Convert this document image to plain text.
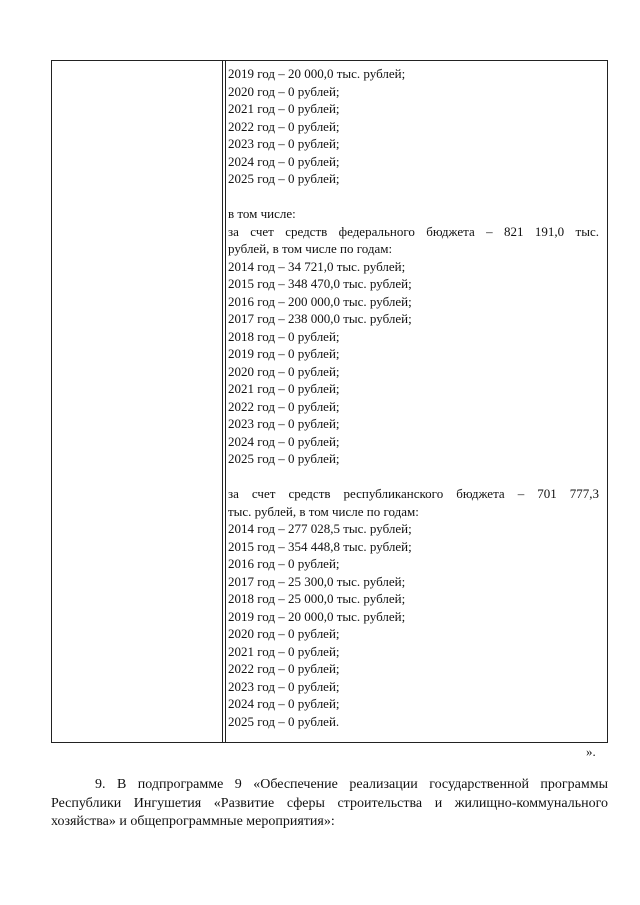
2019 год – 20 000,0 тыс. рублей;
2020 год – 0 рублей;
2021 год – 0 рублей;
2022 год – 0 рублей;
2023 год – 0 рублей;
2024 год – 0 рублей;
2025 год – 0 рублей;
в том числе:
за счет средств федерального бюджета – 821 191,0 тыс.
рублей, в том числе по годам:
2014 год – 34 721,0 тыс. рублей;
2015 год – 348 470,0 тыс. рублей;
2016 год – 200 000,0 тыс. рублей;
2017 год – 238 000,0 тыс. рублей;
2018 год – 0 рублей;
2019 год – 0 рублей;
2020 год – 0 рублей;
2021 год – 0 рублей;
2022 год – 0 рублей;
2023 год – 0 рублей;
2024 год – 0 рублей;
2025 год – 0 рублей;
за счет средств республиканского бюджета – 701 777,3
тыс. рублей, в том числе по годам:
2014 год – 277 028,5 тыс. рублей;
2015 год – 354 448,8 тыс. рублей;
2016 год – 0 рублей;
2017 год – 25 300,0 тыс. рублей;
2018 год – 25 000,0 тыс. рублей;
2019 год – 20 000,0 тыс. рублей;
2020 год – 0 рублей;
2021 год – 0 рублей;
2022 год – 0 рублей;
2023 год – 0 рублей;
2024 год – 0 рублей;
2025 год – 0 рублей.
».
9. В подпрограмме 9 «Обеспечение реализации государственной программы
Республики Ингушетия «Развитие сферы строительства и жилищно-коммунального
хозяйства» и общепрограммные мероприятия»:
